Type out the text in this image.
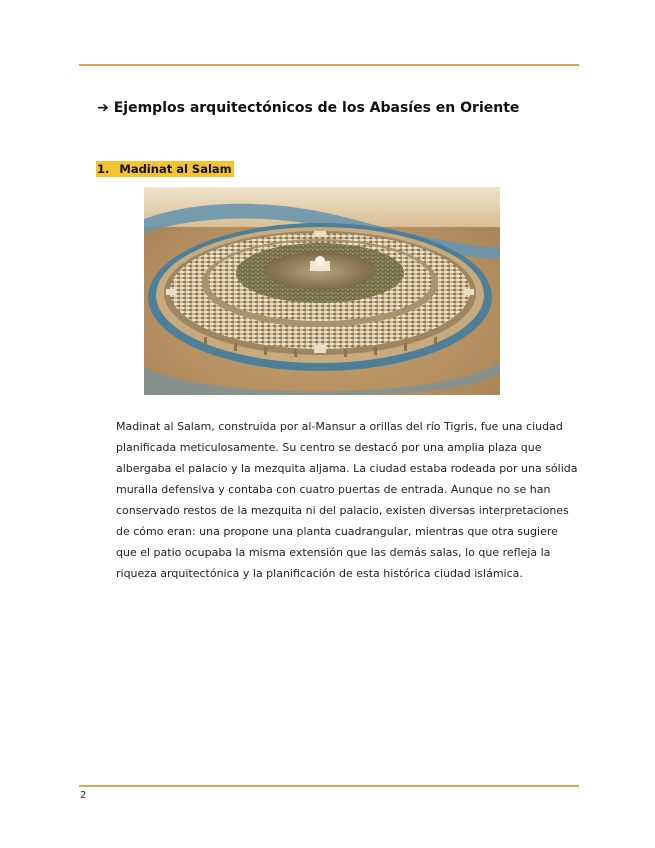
➔ Ejemplos arquitectónicos de los Abasíes en Oriente
1. Madinat al Salam
Madinat al Salam, construida por al-Mansur a orillas del río Tigris, fue una ciudad planificada meticulosamente. Su centro se destacó por una amplia plaza que albergaba el palacio y la mezquita aljama. La ciudad estaba rodeada por una sólida muralla defensiva y contaba con cuatro puertas de entrada. Aunque no se han conservado restos de la mezquita ni del palacio, existen diversas interpretaciones de cómo eran: una propone una planta cuadrangular, mientras que otra sugiere que el patio ocupaba la misma extensión que las demás salas, lo que refleja la riqueza arquitectónica y la planificación de esta histórica ciudad islámica.
2
